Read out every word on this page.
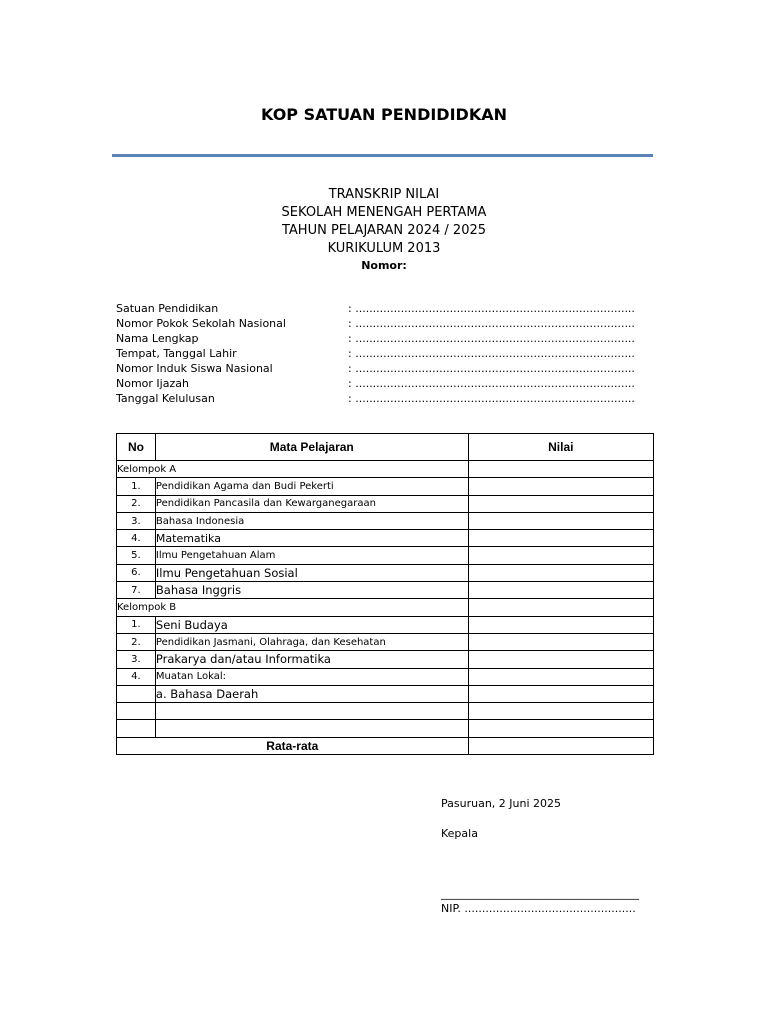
KOP SATUAN PENDIDIDKAN
TRANSKRIP NILAI
SEKOLAH MENENGAH PERTAMA
TAHUN PELAJARAN 2024 / 2025
KURIKULUM 2013
Nomor:
Satuan Pendidikan	: ................................................................................
Nomor Pokok Sekolah Nasional	: ................................................................................
Nama Lengkap	: ................................................................................
Tempat, Tanggal Lahir	: ................................................................................
Nomor Induk Siswa Nasional	: ................................................................................
Nomor Ijazah	: ................................................................................
Tanggal Kelulusan	: ................................................................................
No	Mata Pelajaran	Nilai
Kelompok A		
1.	Pendidikan Agama dan Budi Pekerti	
2.	Pendidikan Pancasila dan Kewarganegaraan	
3.	Bahasa Indonesia	
4.	Matematika	
5.	Ilmu Pengetahuan Alam	
6.	Ilmu Pengetahuan Sosial	
7.	Bahasa Inggris	
Kelompok B		
1.	Seni Budaya	
2.	Pendidikan Jasmani, Olahraga, dan Kesehatan	
3.	Prakarya dan/atau Informatika	
4.	Muatan Lokal:	
	a. Bahasa Daerah	

Rata-rata		
Pasuruan, 2 Juni 2025
Kepala
____________________________________
NIP. .................................................
